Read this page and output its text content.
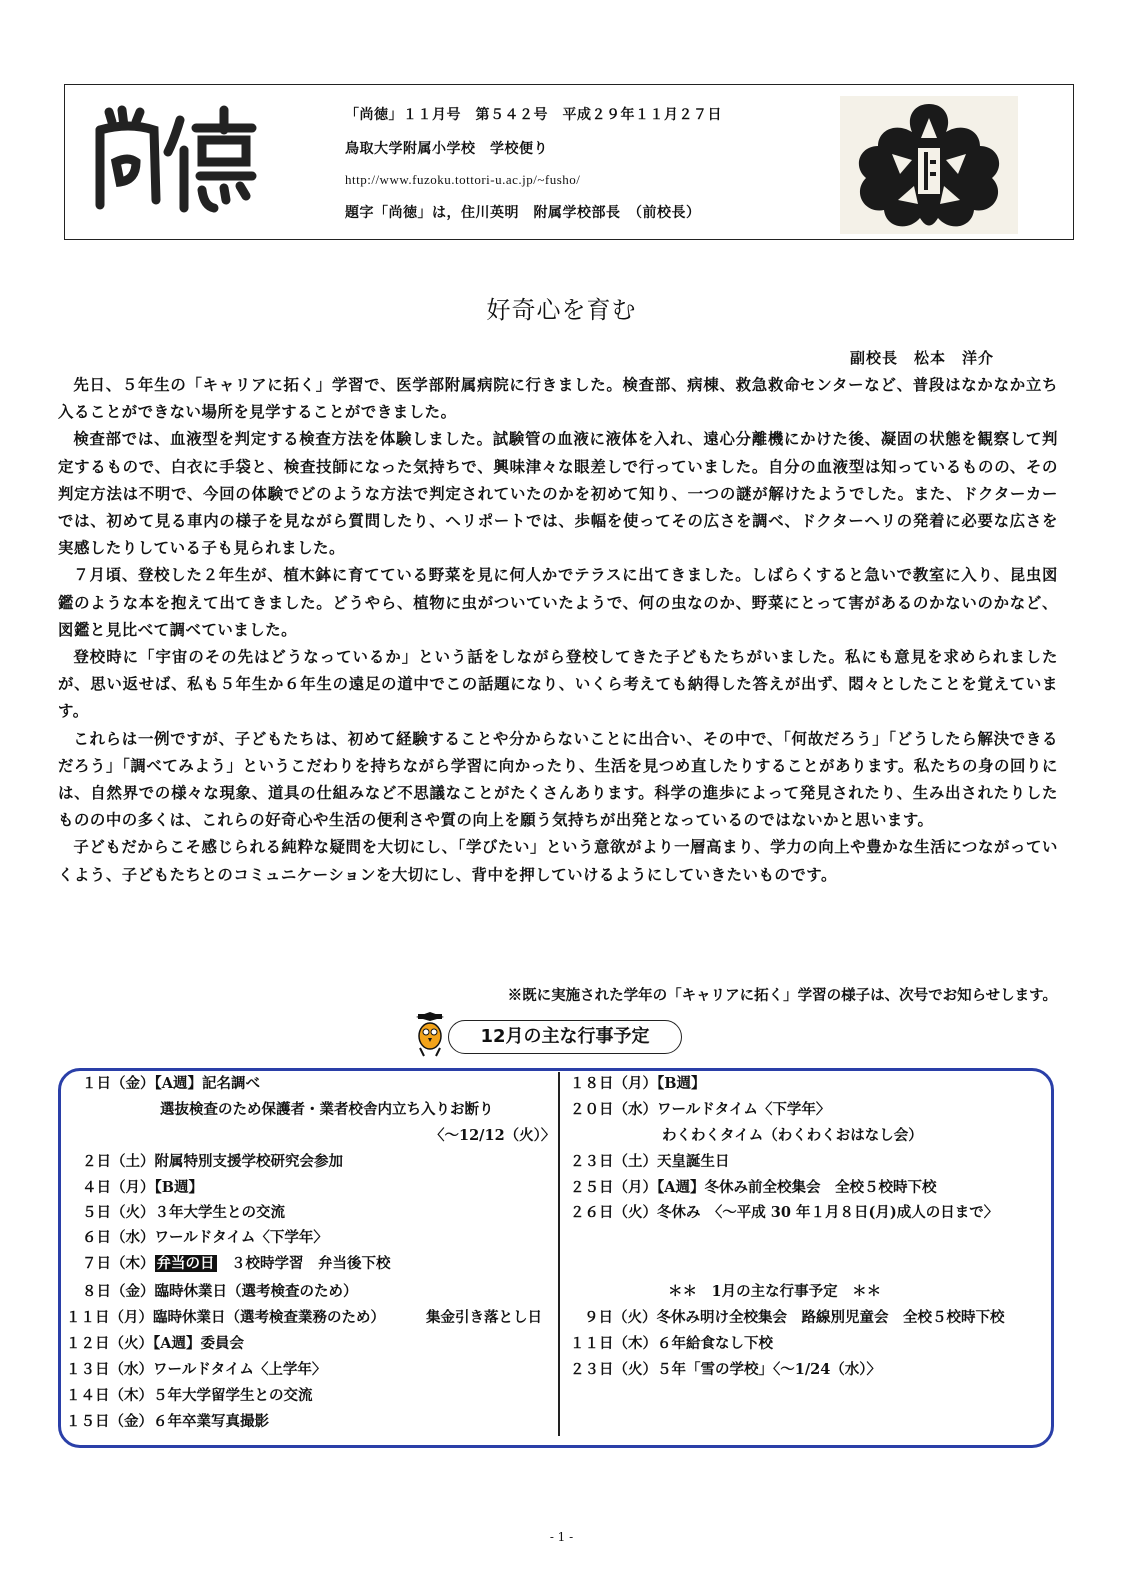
「尚徳」１１月号　第５４２号　平成２９年１１月２７日
鳥取大学附属小学校　学校便り
http://www.fuzoku.tottori-u.ac.jp/~fusho/
題字「尚徳」は，住川英明　附属学校部長　（前校長）
好奇心を育む
副校長　松本　洋介

先日、５年生の「キャリアに拓く」学習で、医学部附属病院に行きました。検査部、病棟、救急救命センターなど、普段はなかなか立ち入ることができない場所を見学することができました。

検査部では、血液型を判定する検査方法を体験しました。試験管の血液に液体を入れ、遠心分離機にかけた後、凝固の状態を観察して判定するもので、白衣に手袋と、検査技師になった気持ちで、興味津々な眼差しで行っていました。自分の血液型は知っているものの、その判定方法は不明で、今回の体験でどのような方法で判定されていたのかを初めて知り、一つの謎が解けたようでした。また、ドクターカーでは、初めて見る車内の様子を見ながら質問したり、ヘリポートでは、歩幅を使ってその広さを調べ、ドクターヘリの発着に必要な広さを実感したりしている子も見られました。

７月頃、登校した２年生が、植木鉢に育てている野菜を見に何人かでテラスに出てきました。しばらくすると急いで教室に入り、昆虫図鑑のような本を抱えて出てきました。どうやら、植物に虫がついていたようで、何の虫なのか、野菜にとって害があるのかないのかなど、図鑑と見比べて調べていました。

登校時に「宇宙のその先はどうなっているか」という話をしながら登校してきた子どもたちがいました。私にも意見を求められましたが、思い返せば、私も５年生か６年生の遠足の道中でこの話題になり、いくら考えても納得した答えが出ず、悶々としたことを覚えています。

これらは一例ですが、子どもたちは、初めて経験することや分からないことに出合い、その中で、「何故だろう」「どうしたら解決できるだろう」「調べてみよう」というこだわりを持ちながら学習に向かったり、生活を見つめ直したりすることがあります。私たちの身の回りには、自然界での様々な現象、道具の仕組みなど不思議なことがたくさんあります。科学の進歩によって発見されたり、生み出されたりしたものの中の多くは、これらの好奇心や生活の便利さや質の向上を願う気持ちが出発となっているのではないかと思います。

子どもだからこそ感じられる純粋な疑問を大切にし、「学びたい」という意欲がより一層高まり、学力の向上や豊かな生活につながっていくよう、子どもたちとのコミュニケーションを大切にし、背中を押していけるようにしていきたいものです。

※既に実施された学年の「キャリアに拓く」学習の様子は、次号でお知らせします。
12月の主な行事予定
１日（金）【A週】記名調べ
選抜検査のため保護者・業者校舎内立ち入りお断り
〈～12/12（火）〉
２日（土）附属特別支援学校研究会参加
４日（月）【B週】
５日（火）３年大学生との交流
６日（水）ワールドタイム〈下学年〉
７日（木） 弁当の日　３校時学習　弁当後下校
８日（金）臨時休業日（選考検査のため）
１１日（月）臨時休業日（選考検査業務のため）	集金引き落とし日
１２日（火）【A週】委員会
１３日（水）ワールドタイム〈上学年〉
１４日（木）５年大学留学生との交流
１５日（金）６年卒業写真撮影
１８日（月）【B週】
２０日（水）ワールドタイム〈下学年〉
わくわくタイム（わくわくおはなし会）
２３日（土）天皇誕生日
２５日（月）【A週】冬休み前全校集会　全校５校時下校
２６日（火）冬休み　〈～平成 30 年１月８日(月)成人の日まで〉
＊＊　1月の主な行事予定　＊＊
９日（火）冬休み明け全校集会　路線別児童会　全校５校時下校
１１日（木）６年給食なし下校
２３日（火）５年「雪の学校」〈～1/24（水）〉
- 1 -
